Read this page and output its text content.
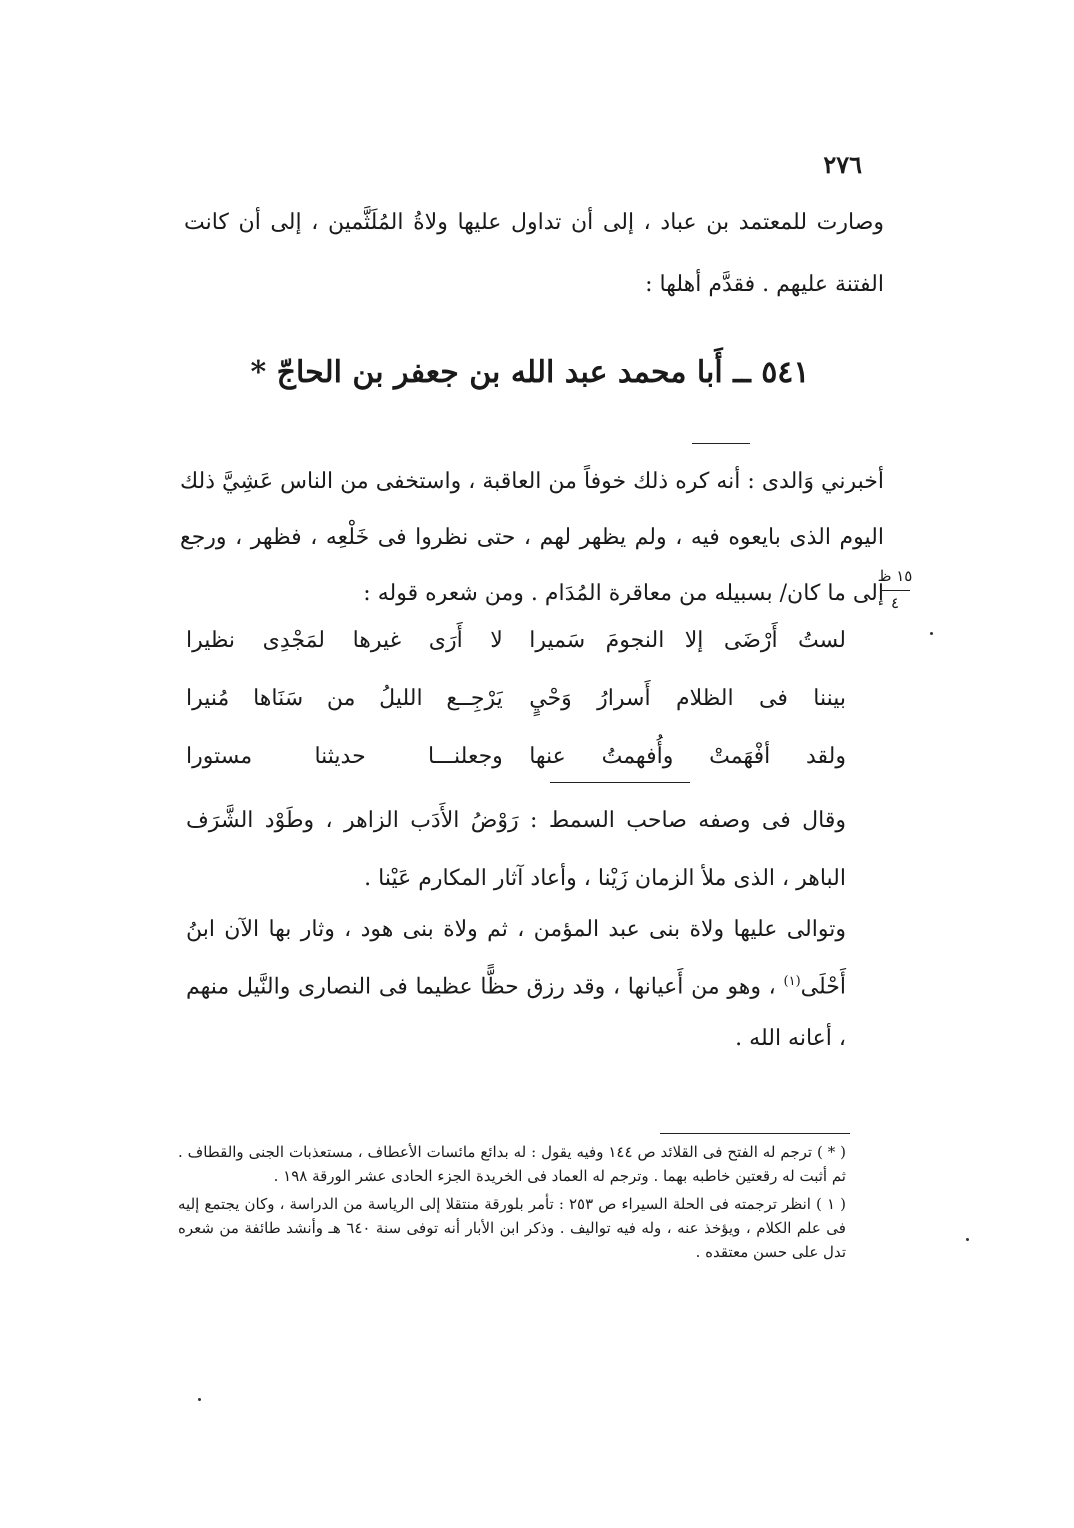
٢٧٦
وصارت للمعتمد بن عباد ، إلى أن تداول عليها ولاةُ المُلَثَّمين ، إلى أن كانت الفتنة عليهم . فقدَّم أهلها :
٥٤١ ــ أَبا محمد عبد الله بن جعفر بن الحاجّ *
أخبرني وَالدى : أنه كره ذلك خوفاً من العاقبة ، واستخفى من الناس عَشِيَّ ذلك اليوم الذى بايعوه فيه ، ولم يظهر لهم ، حتى نظروا فى خَلْعِه ، فظهر ، ورجع إلى ما كان/ بسبيله من معاقرة المُدَام . ومن شعره قوله :
١٥ ظ
٤
لستُ أَرْضَى إلا النجومَ سَميرا
لا أَرَى غيرها لمَجْدِى نظيرا
بيننا فى الظلام أَسرارُ وَحْيٍ
يَرْجِــع الليلُ من سَنَاها مُنيرا
ولقد أفْهَمتْ وأُفهمتُ عنها
وجعلنـــا حديثنا مستورا
وقال فى وصفه صاحب السمط : رَوْضُ الأَدَب الزاهر ، وطَوْد الشَّرَف الباهر ، الذى ملأ الزمان زَيْنا ، وأعاد آثار المكارم عَيْنا .
وتوالى عليها ولاة بنى عبد المؤمن ، ثم ولاة بنى هود ، وثار بها الآن ابنُ أَحْلَى$^{(١)}$ ، وهو من أَعيانها ، وقد رزق حظًّا عظيما فى النصارى والنَّيل منهم ، أعانه الله .

( * ) ترجم له الفتح فى القلائد ص ١٤٤ وفيه يقول : له بدائع مائسات الأعطاف ، مستعذبات الجنى والقطاف . ثم أثبت له رقعتين خاطبه بهما . وترجم له العماد فى الخريدة الجزء الحادى عشر الورقة ١٩٨ .

( ١ ) انظر ترجمته فى الحلة السيراء ص ٢٥٣ : تأمر بلورقة منتقلا إلى الرياسة من الدراسة ، وكان يجتمع إليه فى علم الكلام ، ويؤخذ عنه ، وله فيه تواليف . وذكر ابن الأبار أنه توفى سنة ٦٤٠ هـ وأنشد طائفة من شعره تدل على حسن معتقده .
